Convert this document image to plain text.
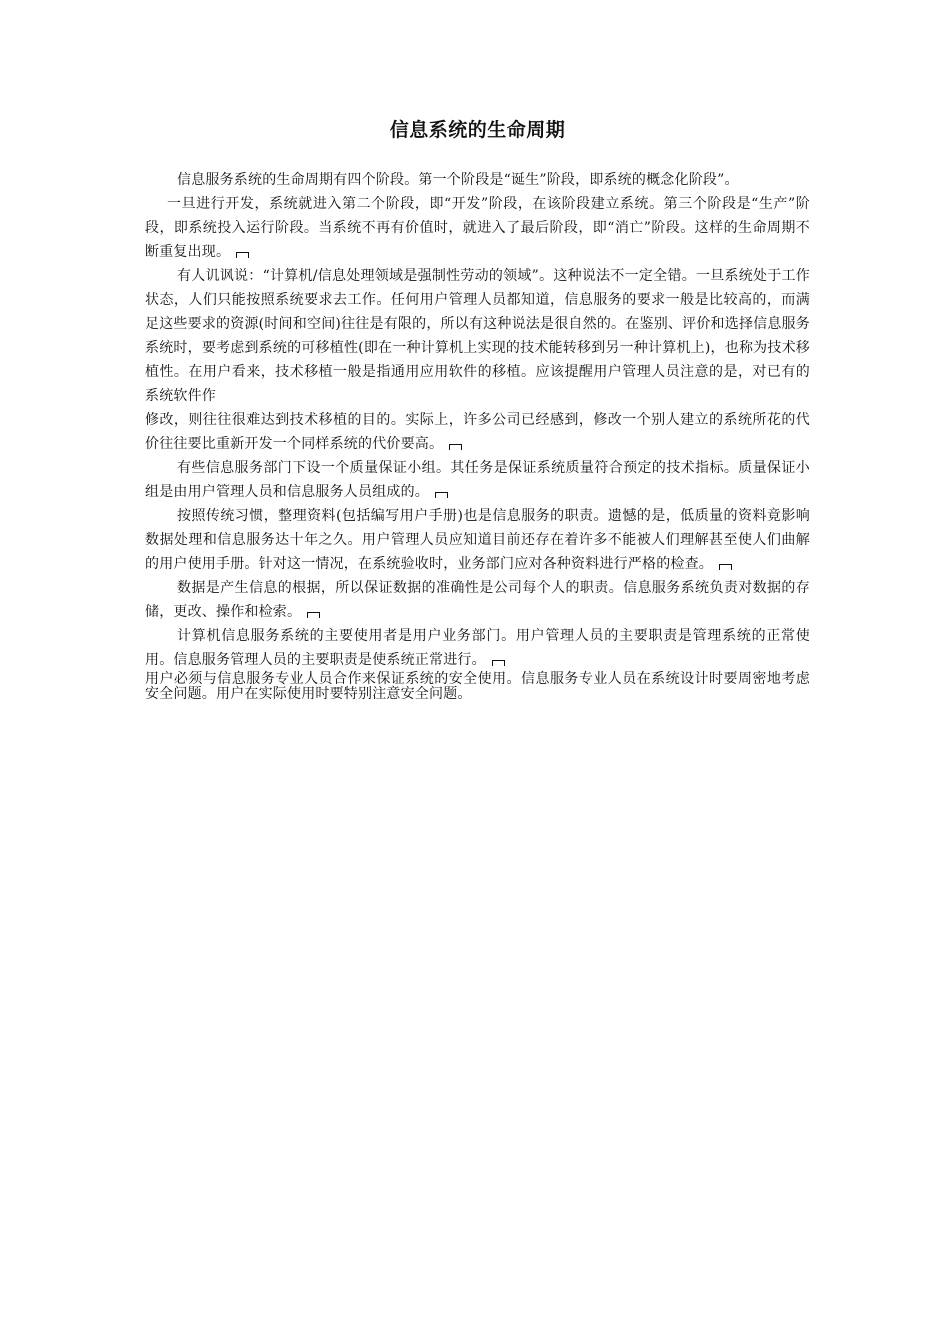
信息系统的生命周期

信息服务系统的生命周期有四个阶段。第一个阶段是“诞生”阶段，即系统的概念化阶段”。

一旦进行开发，系统就进入第二个阶段，即“开发”阶段，在该阶段建立系统。第三个阶段是“生产”阶段，即系统投入运行阶段。当系统不再有价值时，就进入了最后阶段，即“消亡”阶段。这样的生命周期不断重复出现。

有人讥讽说：“计算机/信息处理领域是强制性劳动的领域”。这种说法不一定全错。一旦系统处于工作状态，人们只能按照系统要求去工作。任何用户管理人员都知道，信息服务的要求一般是比较高的，而满足这些要求的资源(时间和空间)往往是有限的，所以有这种说法是很自然的。在鉴别、评价和选择信息服务系统时，要考虑到系统的可移植性(即在一种计算机上实现的技术能转移到另一种计算机上)，也称为技术移植性。在用户看来，技术移植一般是指通用应用软件的移植。应该提醒用户管理人员注意的是，对已有的系统软件作

修改，则往往很难达到技术移植的目的。实际上，许多公司已经感到，修改一个别人建立的系统所花的代价往往要比重新开发一个同样系统的代价要高。

有些信息服务部门下设一个质量保证小组。其任务是保证系统质量符合预定的技术指标。质量保证小组是由用户管理人员和信息服务人员组成的。

按照传统习惯，整理资料(包括编写用户手册)也是信息服务的职责。遗憾的是，低质量的资料竟影响数据处理和信息服务达十年之久。用户管理人员应知道目前还存在着许多不能被人们理解甚至使人们曲解的用户使用手册。针对这一情况，在系统验收时，业务部门应对各种资料进行严格的检查。

数据是产生信息的根据，所以保证数据的准确性是公司每个人的职责。信息服务系统负责对数据的存储，更改、操作和检索。

计算机信息服务系统的主要使用者是用户业务部门。用户管理人员的主要职责是管理系统的正常使用。信息服务管理人员的主要职责是使系统正常进行。

用户必须与信息服务专业人员合作来保证系统的安全使用。信息服务专业人员在系统设计时要周密地考虑安全问题。用户在实际使用时要特别注意安全问题。
